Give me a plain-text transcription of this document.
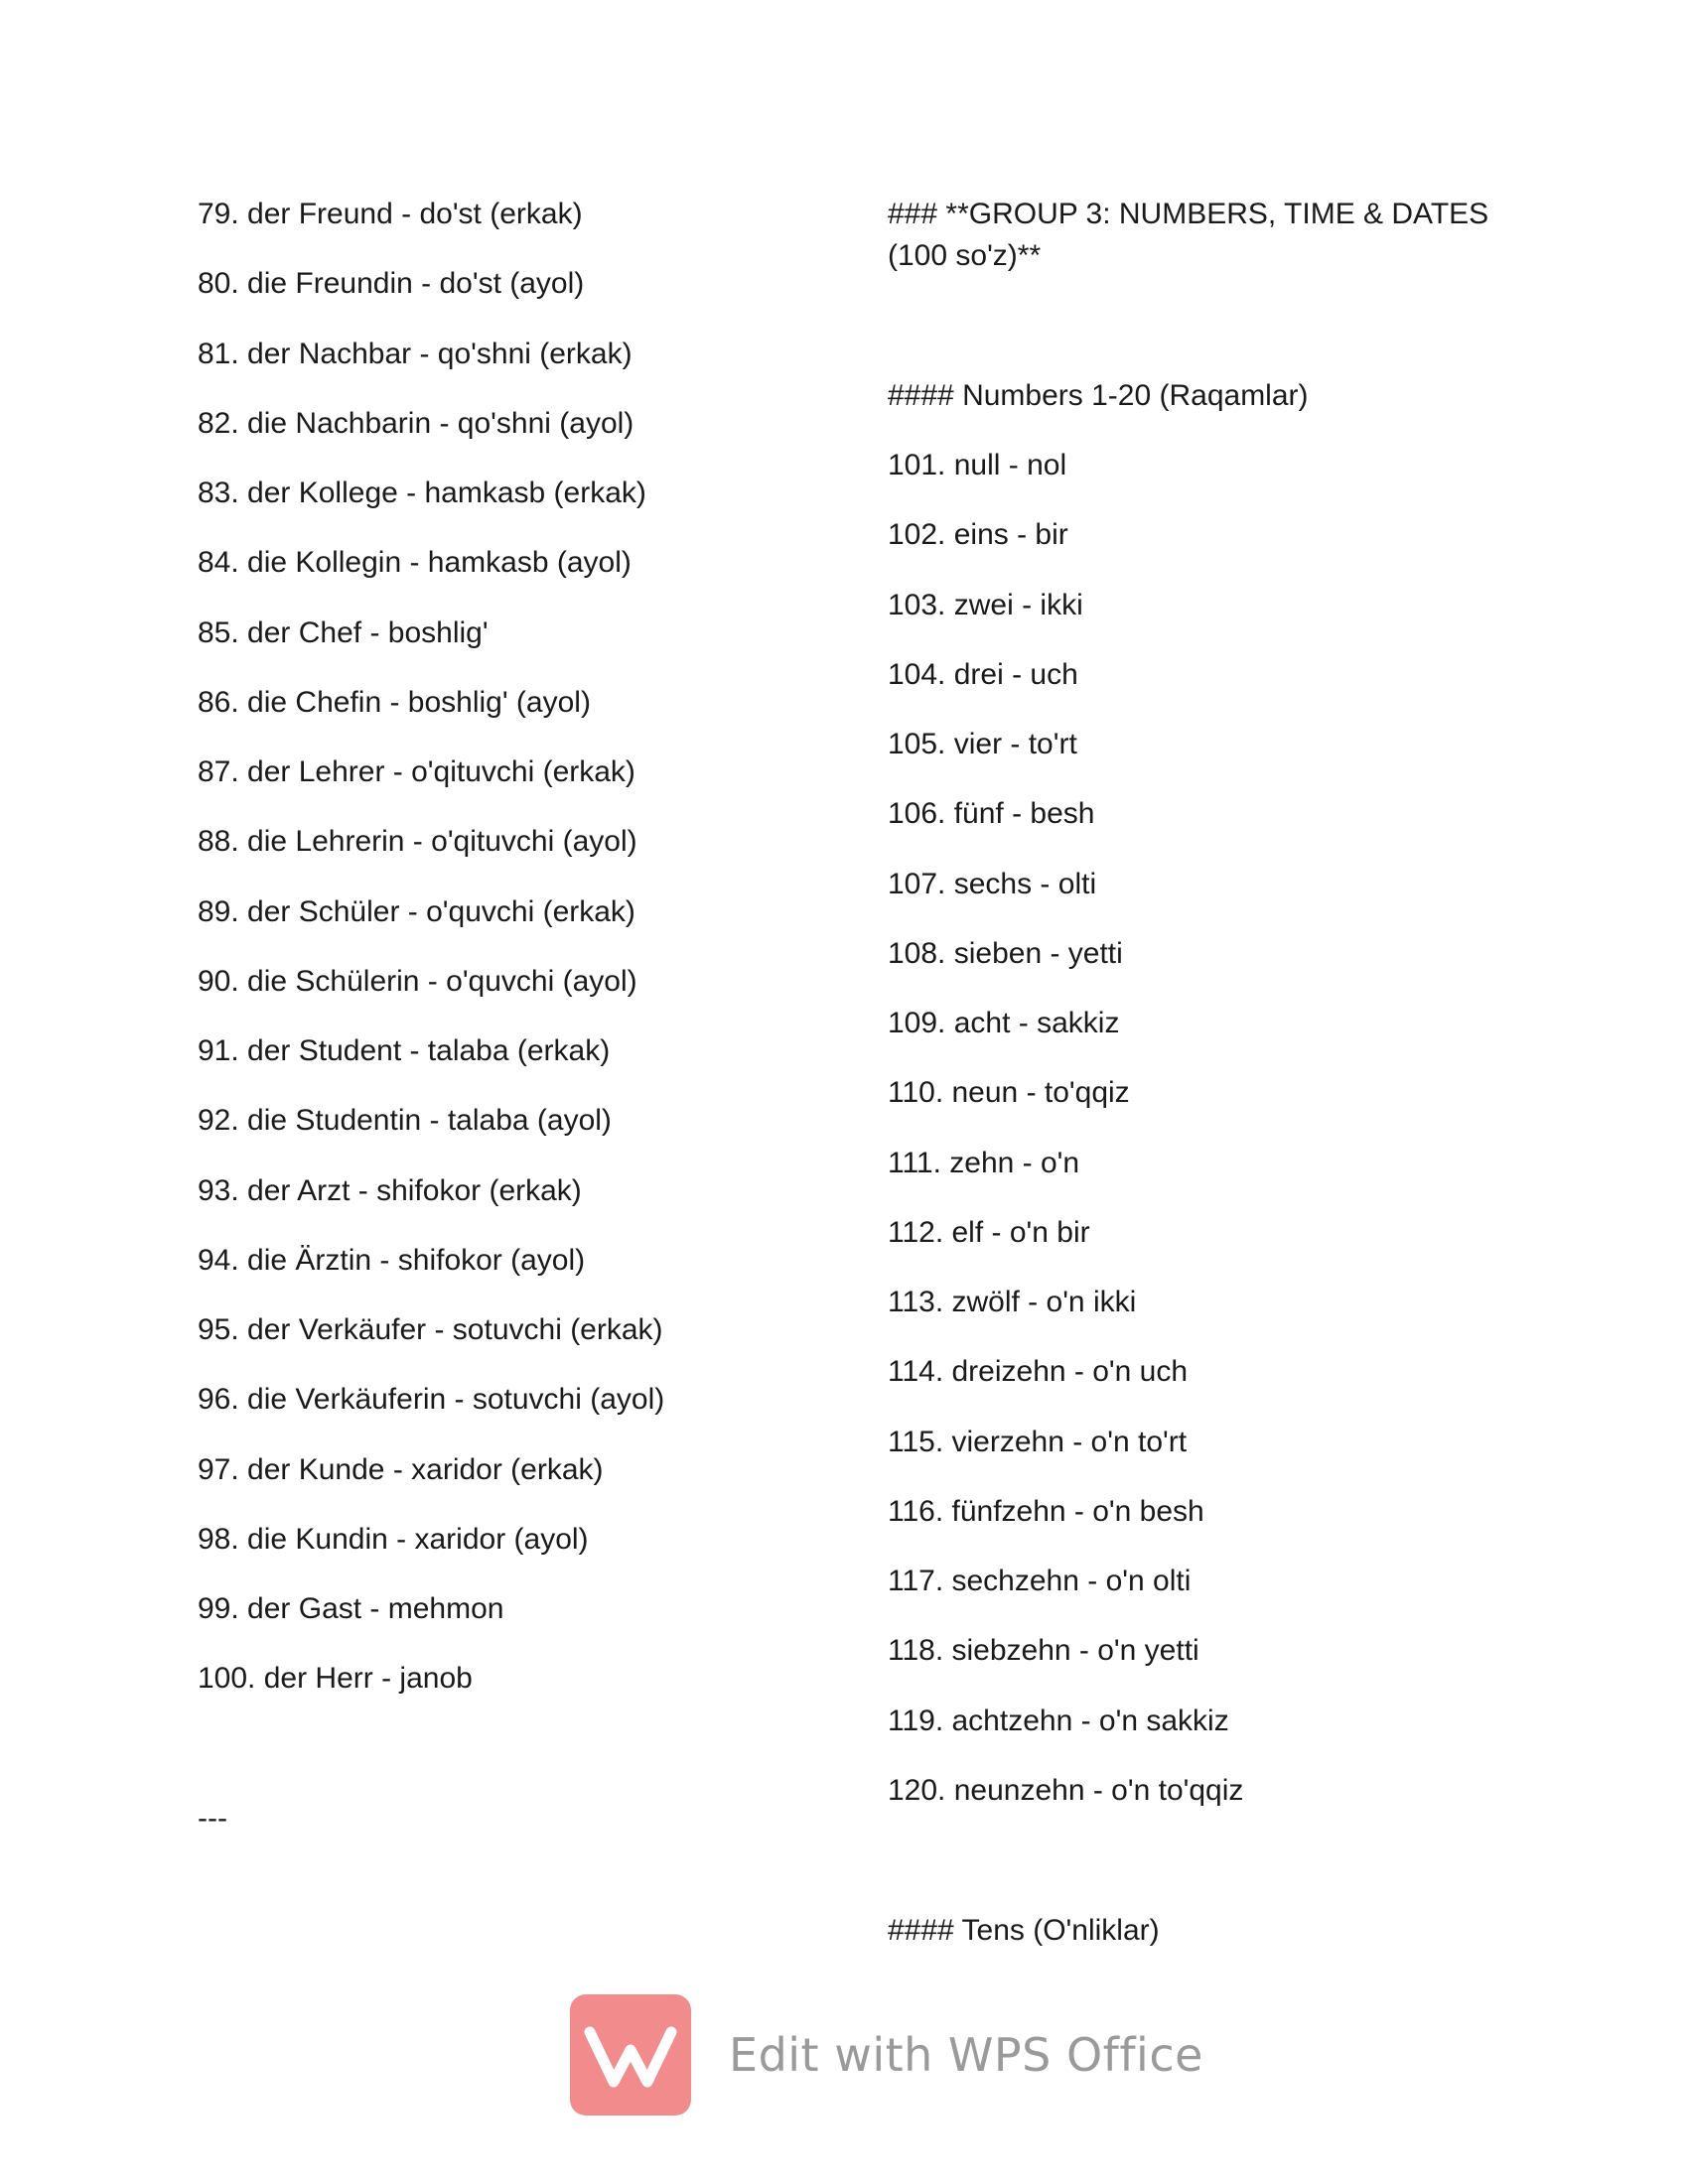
79. der Freund - do'st (erkak)
80. die Freundin - do'st (ayol)
81. der Nachbar - qo'shni (erkak)
82. die Nachbarin - qo'shni (ayol)
83. der Kollege - hamkasb (erkak)
84. die Kollegin - hamkasb (ayol)
85. der Chef - boshlig'
86. die Chefin - boshlig' (ayol)
87. der Lehrer - o'qituvchi (erkak)
88. die Lehrerin - o'qituvchi (ayol)
89. der Schüler - o'quvchi (erkak)
90. die Schülerin - o'quvchi (ayol)
91. der Student - talaba (erkak)
92. die Studentin - talaba (ayol)
93. der Arzt - shifokor (erkak)
94. die Ärztin - shifokor (ayol)
95. der Verkäufer - sotuvchi (erkak)
96. die Verkäuferin - sotuvchi (ayol)
97. der Kunde - xaridor (erkak)
98. die Kundin - xaridor (ayol)
99. der Gast - mehmon
100. der Herr - janob
---
### **GROUP 3: NUMBERS, TIME & DATES (100 so'z)**
#### Numbers 1-20 (Raqamlar)
101. null - nol
102. eins - bir
103. zwei - ikki
104. drei - uch
105. vier - to'rt
106. fünf - besh
107. sechs - olti
108. sieben - yetti
109. acht - sakkiz
110. neun - to'qqiz
111. zehn - o'n
112. elf - o'n bir
113. zwölf - o'n ikki
114. dreizehn - o'n uch
115. vierzehn - o'n to'rt
116. fünfzehn - o'n besh
117. sechzehn - o'n olti
118. siebzehn - o'n yetti
119. achtzehn - o'n sakkiz
120. neunzehn - o'n to'qqiz
#### Tens (O'nliklar)
Edit with WPS Office
